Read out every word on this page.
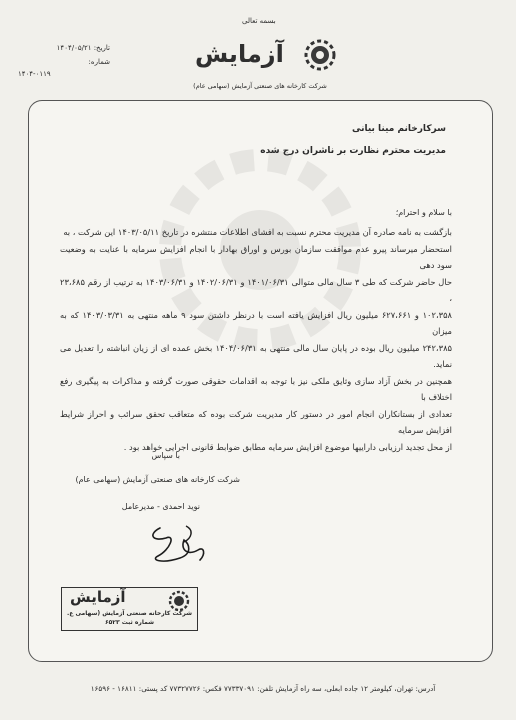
بسمه تعالی
تاریخ: ۱۴۰۴/۰۵/۲۱
شماره:
۱۴۰۴-۰۱۱۹
آزمایش
شرکت کارخانه های صنعتی آزمایش (سهامی عام)
سرکارخانم مینا بیانی
مدیریت محترم نظارت بر ناشران درج شده
با سلام و احترام؛
بازگشت به نامه صادره آن مدیریت محترم نسبت به افشای اطلاعات منتشره در تاریخ ۱۴۰۳/۰۵/۱۱ این شرکت ، به
استحضار میرساند پیرو عدم موافقت سازمان بورس و اوراق بهادار با انجام افزایش سرمایه با عنایت به وضعیت سود دهی
حال حاضر شرکت که طی ۳ سال مالی متوالی ۱۴۰۱/۰۶/۳۱ و ۱۴۰۲/۰۶/۳۱ و ۱۴۰۳/۰۶/۳۱ به ترتیب از رقم ۲۳،۶۸۵ ،
۱۰۲،۳۵۸ و ۶۲۷،۶۶۱ میلیون ریال افزایش یافته است با درنظر داشتن سود ۹ ماهه منتهی به ۱۴۰۳/۰۳/۳۱ که به میزان
۲۴۲،۳۸۵ میلیون ریال بوده در پایان سال مالی منتهی به ۱۴۰۴/۰۶/۳۱ بخش عمده ای از زیان انباشته را تعدیل می نماید.
همچنین در بخش آزاد سازی وثایق ملکی نیز با توجه به اقدامات حقوقی صورت گرفته و مذاکرات به پیگیری رفع اختلاف با
تعدادی از بستانکاران انجام امور در دستور کار مدیریت شرکت بوده که متعاقب تحقق سرائب و احراز شرایط افزایش سرمایه
از محل تجدید ارزیابی داراییها موضوع افزایش سرمایه مطابق ضوابط قانونی اجرایی خواهد بود .
با سپاس
شرکت کارخانه های صنعتی آزمایش (سهامی عام)
نوید احمدی - مدیرعامل
آزمایش
شرکت کارخانه صنعتی آزمایش (سهامی ع.
شماره ثبت ۶۵۲۳
آدرس: تهران، کیلومتر ۱۲ جاده ابعلی، سه راه آزمایش تلفن: ۷۷۳۳۷۰۹۱ فکس: ۷۷۳۲۷۷۲۶ کد پستی: ۱۶۸۱۱ - ۱۶۵۹۶
